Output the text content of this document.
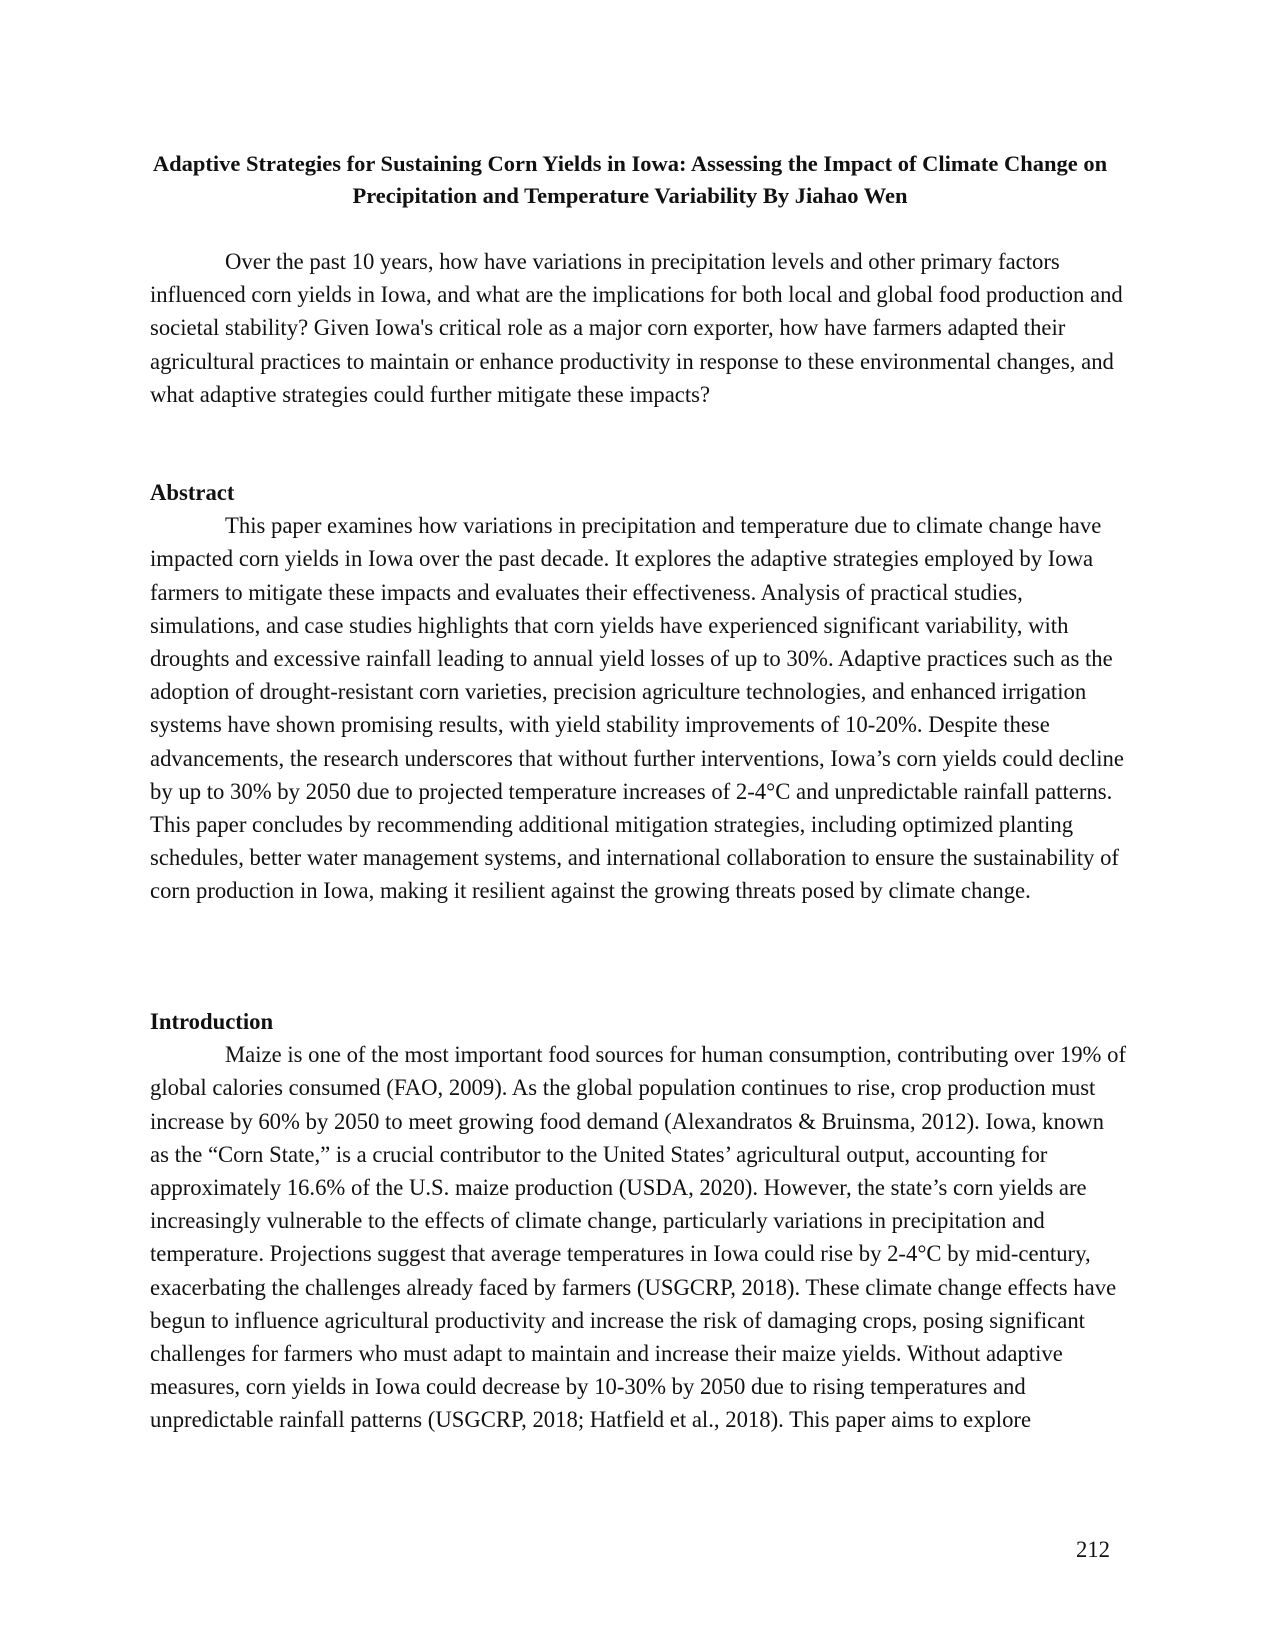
Adaptive Strategies for Sustaining Corn Yields in Iowa: Assessing the Impact of Climate Change on Precipitation and Temperature Variability By Jiahao Wen

Over the past 10 years, how have variations in precipitation levels and other primary factors influenced corn yields in Iowa, and what are the implications for both local and global food production and societal stability? Given Iowa's critical role as a major corn exporter, how have farmers adapted their agricultural practices to maintain or enhance productivity in response to these environmental changes, and what adaptive strategies could further mitigate these impacts?

Abstract

This paper examines how variations in precipitation and temperature due to climate change have impacted corn yields in Iowa over the past decade. It explores the adaptive strategies employed by Iowa farmers to mitigate these impacts and evaluates their effectiveness. Analysis of practical studies, simulations, and case studies highlights that corn yields have experienced significant variability, with droughts and excessive rainfall leading to annual yield losses of up to 30%. Adaptive practices such as the adoption of drought-resistant corn varieties, precision agriculture technologies, and enhanced irrigation systems have shown promising results, with yield stability improvements of 10-20%. Despite these advancements, the research underscores that without further interventions, Iowa’s corn yields could decline by up to 30% by 2050 due to projected temperature increases of 2-4°C and unpredictable rainfall patterns. This paper concludes by recommending additional mitigation strategies, including optimized planting schedules, better water management systems, and international collaboration to ensure the sustainability of corn production in Iowa, making it resilient against the growing threats posed by climate change.

Introduction

Maize is one of the most important food sources for human consumption, contributing over 19% of global calories consumed (FAO, 2009). As the global population continues to rise, crop production must increase by 60% by 2050 to meet growing food demand (Alexandratos & Bruinsma, 2012). Iowa, known as the “Corn State,” is a crucial contributor to the United States’ agricultural output, accounting for approximately 16.6% of the U.S. maize production (USDA, 2020). However, the state’s corn yields are increasingly vulnerable to the effects of climate change, particularly variations in precipitation and temperature. Projections suggest that average temperatures in Iowa could rise by 2-4°C by mid-century, exacerbating the challenges already faced by farmers (USGCRP, 2018). These climate change effects have begun to influence agricultural productivity and increase the risk of damaging crops, posing significant challenges for farmers who must adapt to maintain and increase their maize yields. Without adaptive measures, corn yields in Iowa could decrease by 10-30% by 2050 due to rising temperatures and unpredictable rainfall patterns (USGCRP, 2018; Hatfield et al., 2018). This paper aims to explore

212
